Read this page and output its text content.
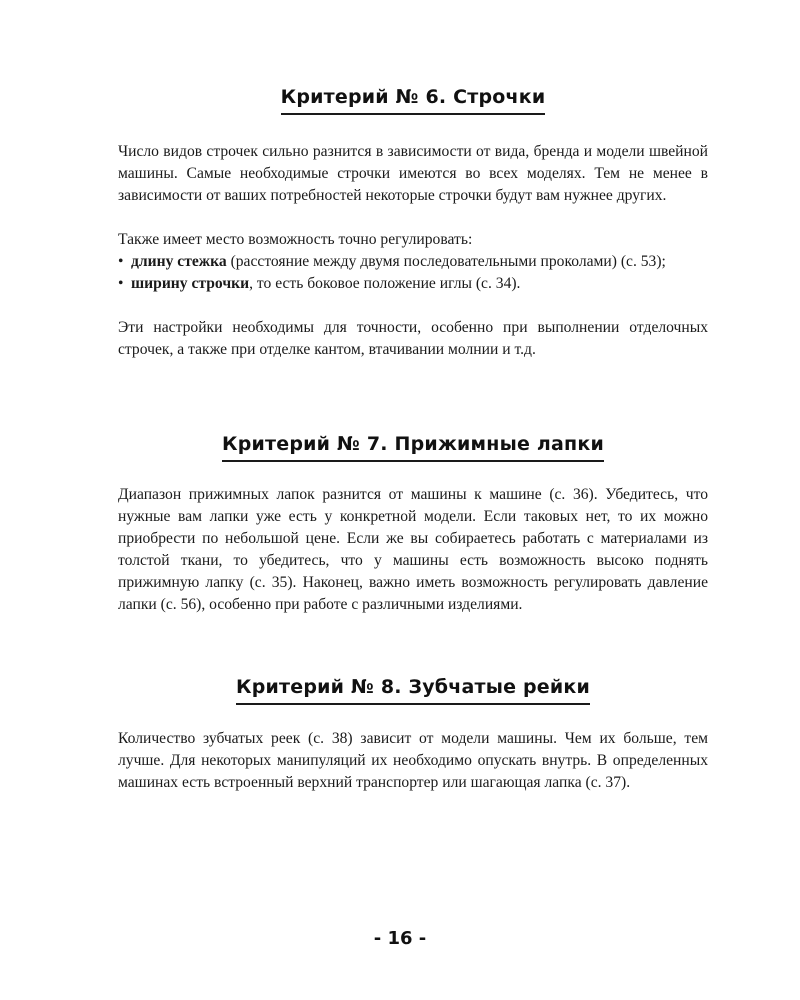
Критерий № 6. Строчки

Число видов строчек сильно разнится в зависимости от вида, бренда и модели швейной машины. Самые необходимые строчки имеются во всех моделях. Тем не менее в зависимости от ваших потребностей некоторые строчки будут вам нужнее других.

Также имеет место возможность точно регулировать:

• длину стежка (расстояние между двумя последовательными проколами) (с. 53);
• ширину строчки, то есть боковое положение иглы (с. 34).

Эти настройки необходимы для точности, особенно при выполнении отделочных строчек, а также при отделке кантом, втачивании молнии и т.д.

Критерий № 7. Прижимные лапки

Диапазон прижимных лапок разнится от машины к машине (с. 36). Убедитесь, что нужные вам лапки уже есть у конкретной модели. Если таковых нет, то их можно приобрести по небольшой цене. Если же вы собираетесь работать с материалами из толстой ткани, то убедитесь, что у машины есть возможность высоко поднять прижимную лапку (с. 35). Наконец, важно иметь возможность регулировать давление лапки (с. 56), особенно при работе с различными изделиями.

Критерий № 8. Зубчатые рейки

Количество зубчатых реек (с. 38) зависит от модели машины. Чем их больше, тем лучше. Для некоторых манипуляций их необходимо опускать внутрь. В определенных машинах есть встроенный верхний транспортер или шагающая лапка (с. 37).

- 16 -
